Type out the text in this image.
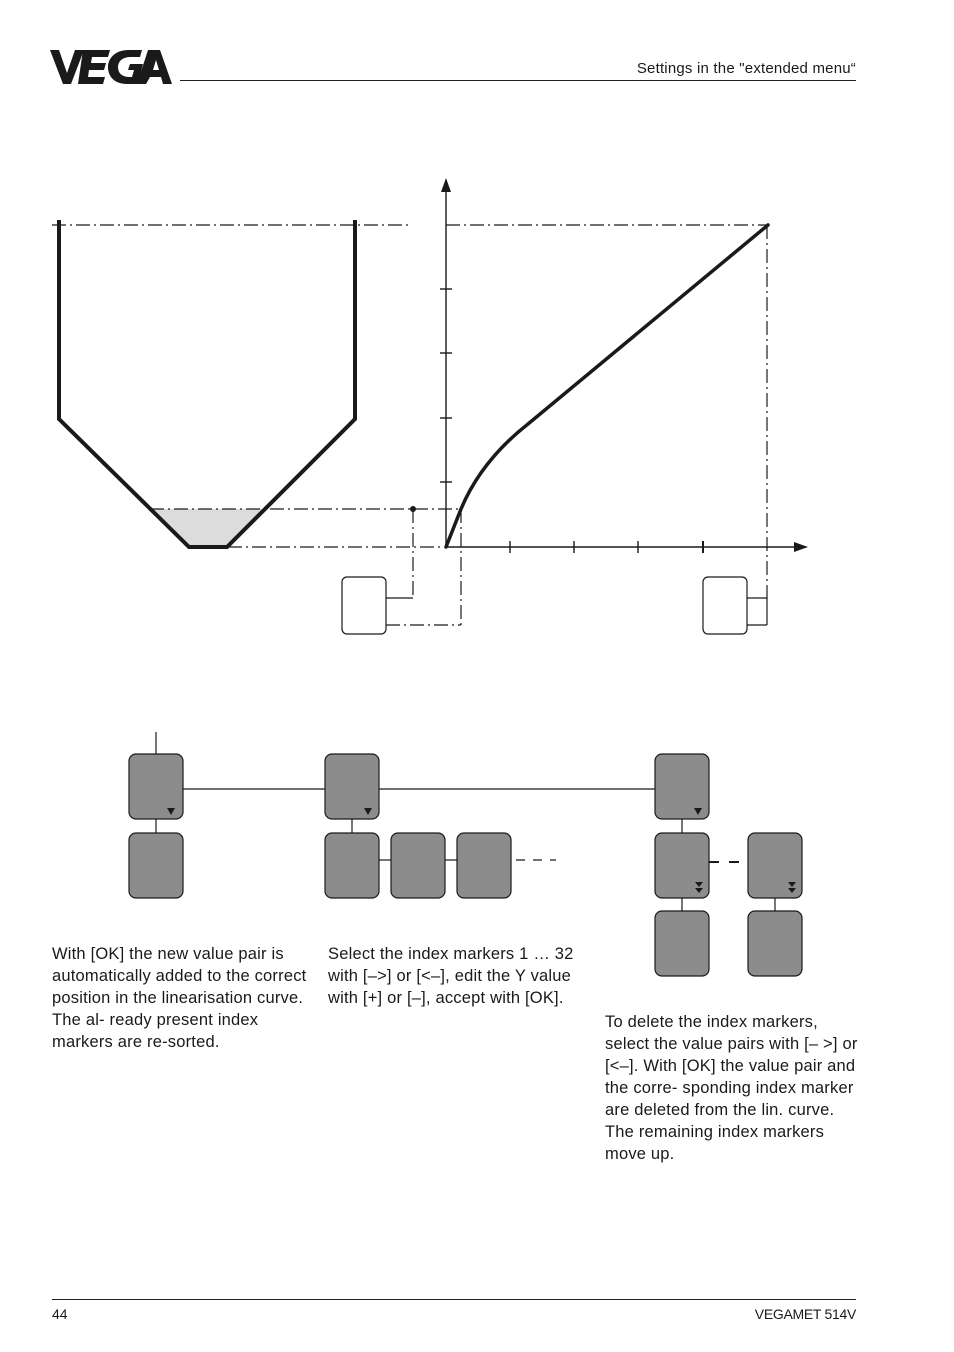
Settings in the "extended menu“
With [OK] the new value pair is automatically added to the correct position in the linearisation curve. The al- ready present index markers are re-sorted.
Select the index markers 1 … 32 with [–>] or [<–], edit the Y value with [+] or [–], accept with [OK].
To delete the index markers, select the value pairs with [– >] or [<–]. With [OK] the value pair and the corre- sponding index marker are deleted from the lin. curve. The remaining index markers move up.
44	VEGAMET 514V
